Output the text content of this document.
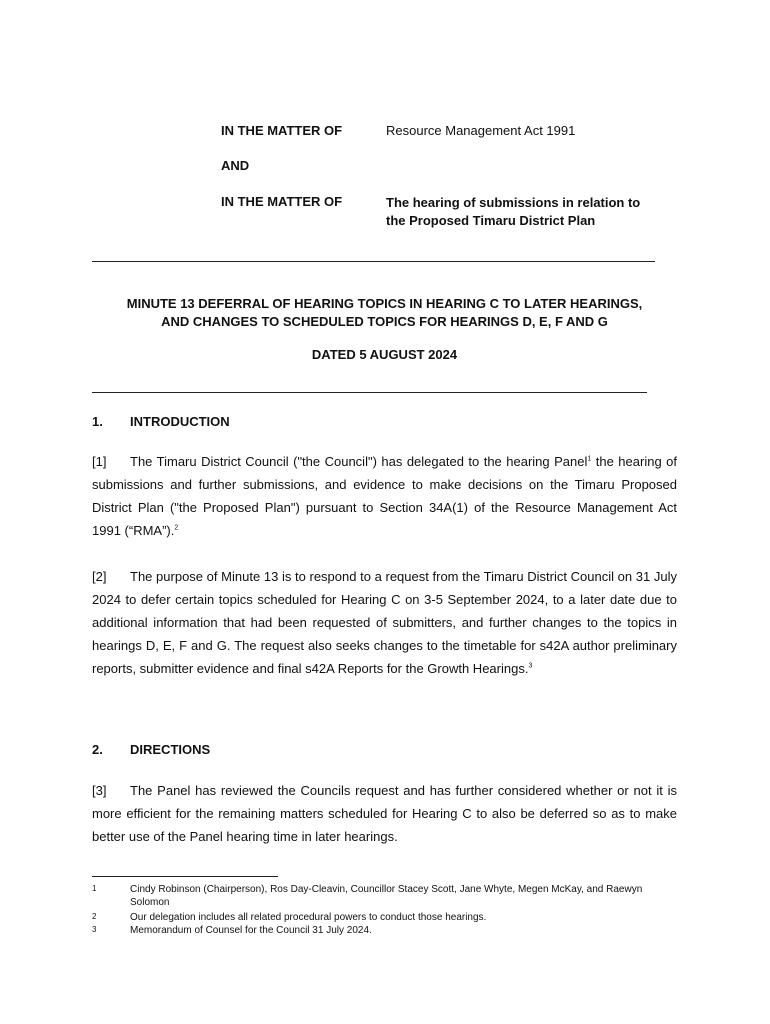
IN THE MATTER OF	Resource Management Act 1991
AND
IN THE MATTER OF	The hearing of submissions in relation to
the Proposed Timaru District Plan
MINUTE 13 DEFERRAL OF HEARING TOPICS IN HEARING C TO LATER HEARINGS,
AND CHANGES TO SCHEDULED TOPICS FOR HEARINGS D, E, F AND G
DATED 5 AUGUST 2024
1. INTRODUCTION
[1] The Timaru District Council ("the Council") has delegated to the hearing Panel$^1$ the hearing of submissions and further submissions, and evidence to make decisions on the Timaru Proposed District Plan ("the Proposed Plan") pursuant to Section 34A(1) of the Resource Management Act 1991 (“RMA”).$^2$
[2] The purpose of Minute 13 is to respond to a request from the Timaru District Council on 31 July 2024 to defer certain topics scheduled for Hearing C on 3-5 September 2024, to a later date due to additional information that had been requested of submitters, and further changes to the topics in hearings D, E, F and G. The request also seeks changes to the timetable for s42A author preliminary reports, submitter evidence and final s42A Reports for the Growth Hearings.$^3$
2. DIRECTIONS
[3] The Panel has reviewed the Councils request and has further considered whether or not it is more efficient for the remaining matters scheduled for Hearing C to also be deferred so as to make better use of the Panel hearing time in later hearings.
1	Cindy Robinson (Chairperson), Ros Day-Cleavin, Councillor Stacey Scott, Jane Whyte, Megen McKay, and Raewyn Solomon
2	Our delegation includes all related procedural powers to conduct those hearings.
3	Memorandum of Counsel for the Council 31 July 2024.
